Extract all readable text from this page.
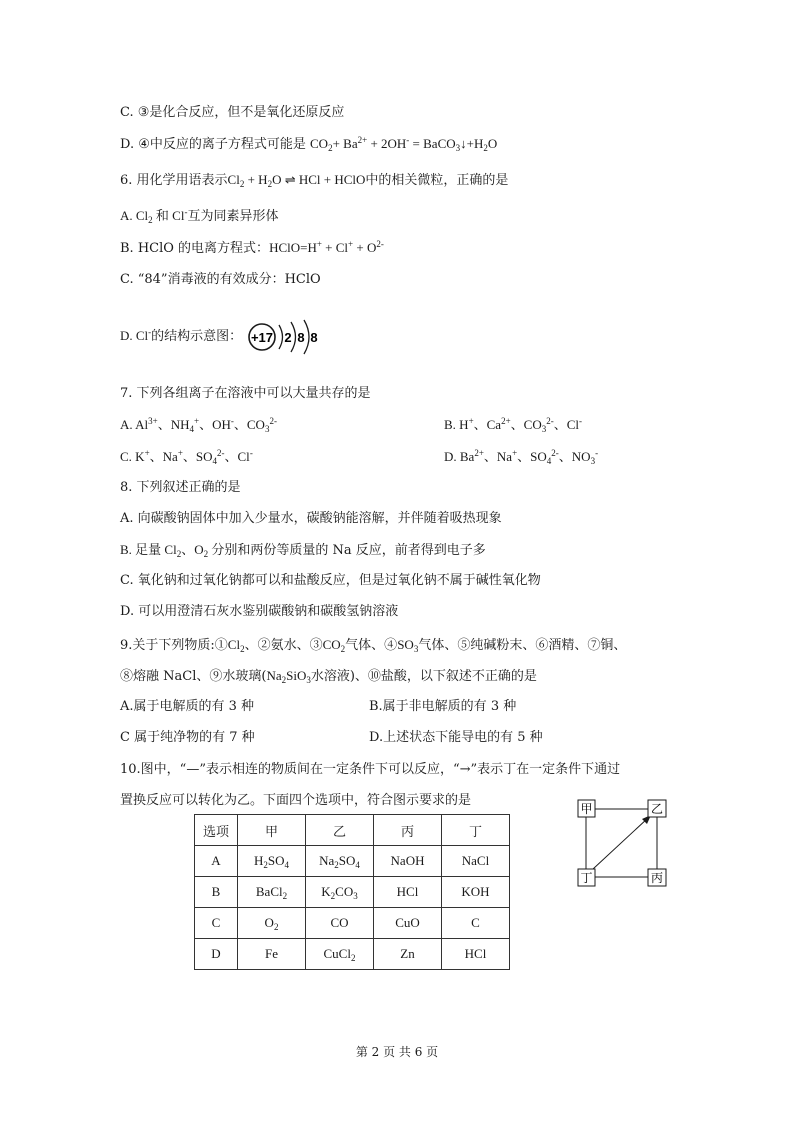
C. ③是化合反应，但不是氧化还原反应
D. ④中反应的离子方程式可能是 $CO_2+ Ba^{2+} + 2OH^-$ = $BaCO_3↓+H_2O$
6. 用化学用语表示$Cl_2 + H_2O$ ⇌ HCl + HClO中的相关微粒，正确的是
A. $Cl_2$ 和 Cl-互为同素异形体
B. HClO 的电离方程式：HClO=H+ + $Cl^+ + O^{2-}$
C. “84”消毒液的有效成分：HClO
D. Cl-的结构示意图： +17 2 8 8
7. 下列各组离子在溶液中可以大量共存的是
A. $Al^{3+}$、$NH_4^+$、OH-、$CO_3^{2-}$	B. H+、$Ca^{2+}$、$CO_3^{2-}$、Cl-
C. K+、Na+、$SO_4^{2-}$、Cl-	D. $Ba^{2+}$、Na+、$SO_4^{2-}$、$NO_3^-$
8. 下列叙述正确的是
A. 向碳酸钠固体中加入少量水，碳酸钠能溶解，并伴随着吸热现象
B. 足量 $Cl_2$、$O_2$ 分别和两份等质量的 Na 反应，前者得到电子多
C. 氧化钠和过氧化钠都可以和盐酸反应，但是过氧化钠不属于碱性氧化物
D. 可以用澄清石灰水鉴别碳酸钠和碳酸氢钠溶液
9.关于下列物质$:①Cl_2$、②氨水、$③CO_2$气体、$④SO_3$气体、⑤纯碱粉末、⑥酒精、⑦铜、
⑧熔融 NaCl、⑨水玻璃($Na_2SiO_3$水溶液)、⑩盐酸，以下叙述不正确的是
A.属于电解质的有 3 种	B.属于非电解质的有 3 种
C 属于纯净物的有 7 种	D.上述状态下能导电的有 5 种
10.图中，“—”表示相连的物质间在一定条件下可以反应，“→”表示丁在一定条件下通过
置换反应可以转化为乙。下面四个选项中，符合图示要求的是
选项	甲	乙	丙	丁
A	$H_2SO_4$	$Na_2SO_4$	NaOH	NaCl
B	BaCl$_2$	$K_2CO_3$	HCl	KOH
C	$O_2$	CO	CuO	C
D	Fe	CuCl$_2$	Zn	HCl
甲	乙
丁	丙
第 2 页 共 6 页
